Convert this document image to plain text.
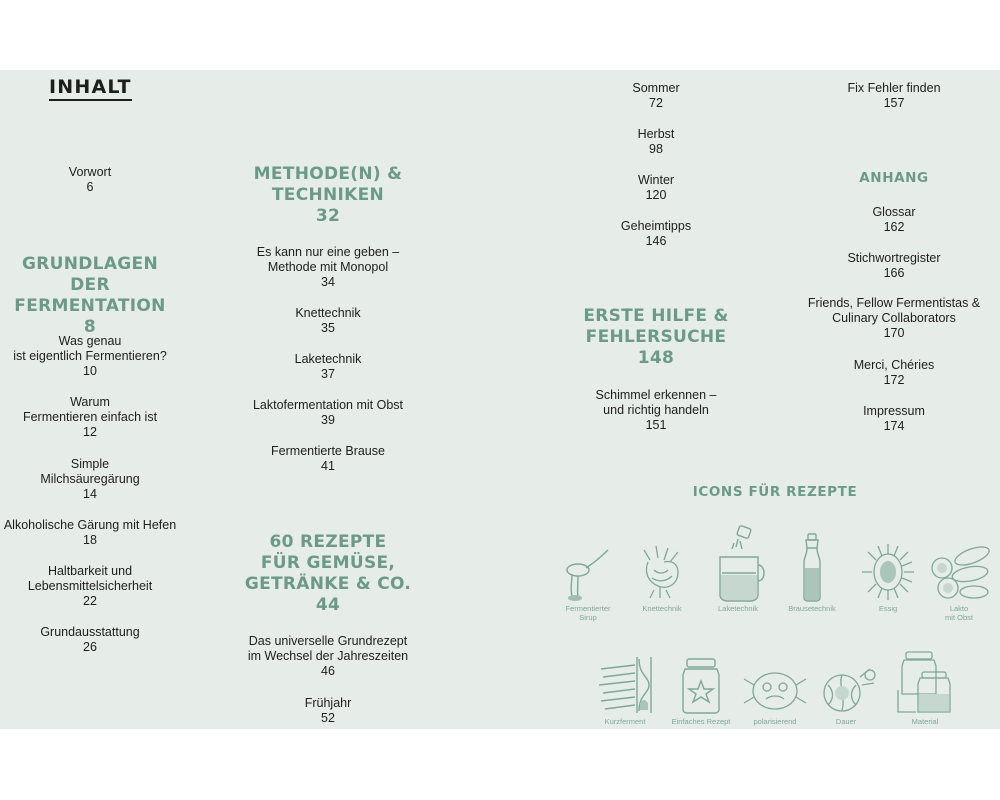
INHALT
Vorwort
6
GRUNDLAGEN DER
FERMENTATION
8
Was genau
ist eigentlich Fermentieren?
10
Warum
Fermentieren einfach ist
12
Simple
Milchsäuregärung
14
Alkoholische Gärung mit Hefen
18
Haltbarkeit und
Lebensmittelsicherheit
22
Grundausstattung
26
METHODE(N) &
TECHNIKEN
32
Es kann nur eine geben –
Methode mit Monopol
34
Knettechnik
35
Laketechnik
37
Laktofermentation mit Obst
39
Fermentierte Brause
41
60 REZEPTE
FÜR GEMÜSE,
GETRÄNKE & CO.
44
Das universelle Grundrezept
im Wechsel der Jahreszeiten
46
Frühjahr
52
Sommer
72
Herbst
98
Winter
120
Geheimtipps
146
ERSTE HILFE &
FEHLERSUCHE
148
Schimmel erkennen –
und richtig handeln
151
Fix Fehler finden
157
ANHANG
Glossar
162
Stichwortregister
166
Friends, Fellow Fermentistas &
Culinary Collaborators
170
Merci, Chéries
172
Impressum
174
ICONS FÜR REZEPTE
Fermentierter
Sirup
Knettechnik	Laketechnik	Brausetechnik	Essig	Lakto
mit Obst
Kurzferment	Einfaches Rezept	polarisierend	Dauer	Material
